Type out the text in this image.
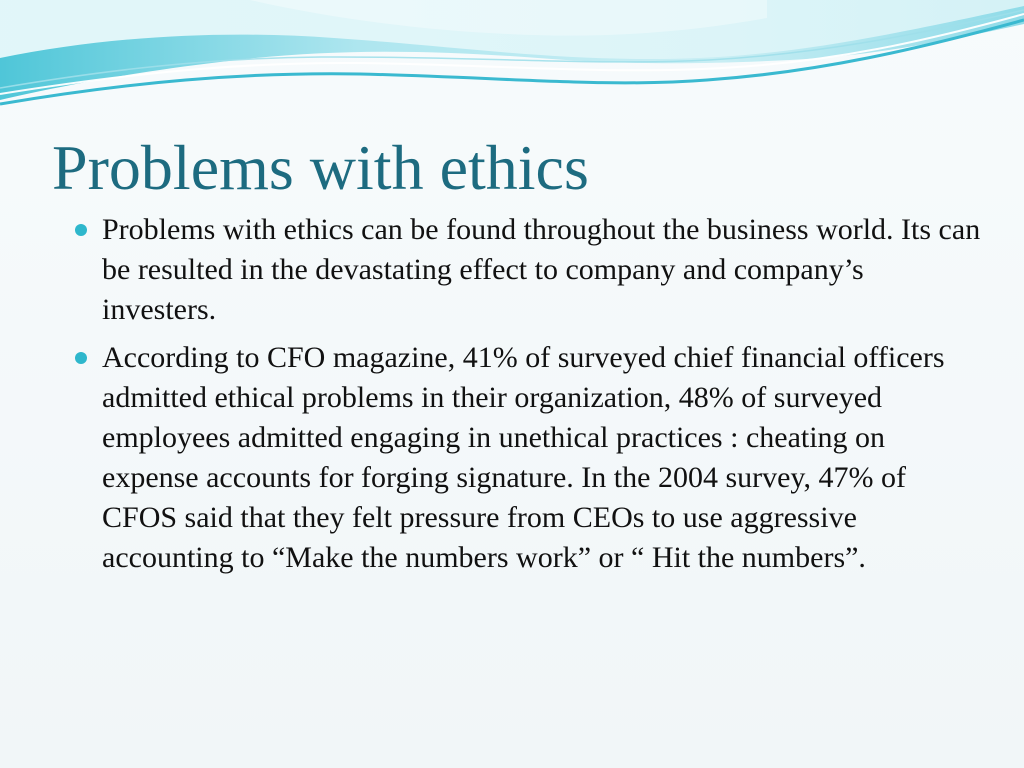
Problems with ethics
Problems with ethics can be found throughout the business world. Its can be resulted in the devastating effect to company and company’s investers.
According to CFO magazine, 41% of surveyed chief financial officers admitted ethical problems in their organization, 48% of surveyed employees admitted engaging in unethical practices : cheating on expense accounts for forging signature. In the 2004 survey, 47% of CFOS said that they felt pressure from CEOs to use aggressive accounting to “Make the numbers work” or “ Hit the numbers”.
